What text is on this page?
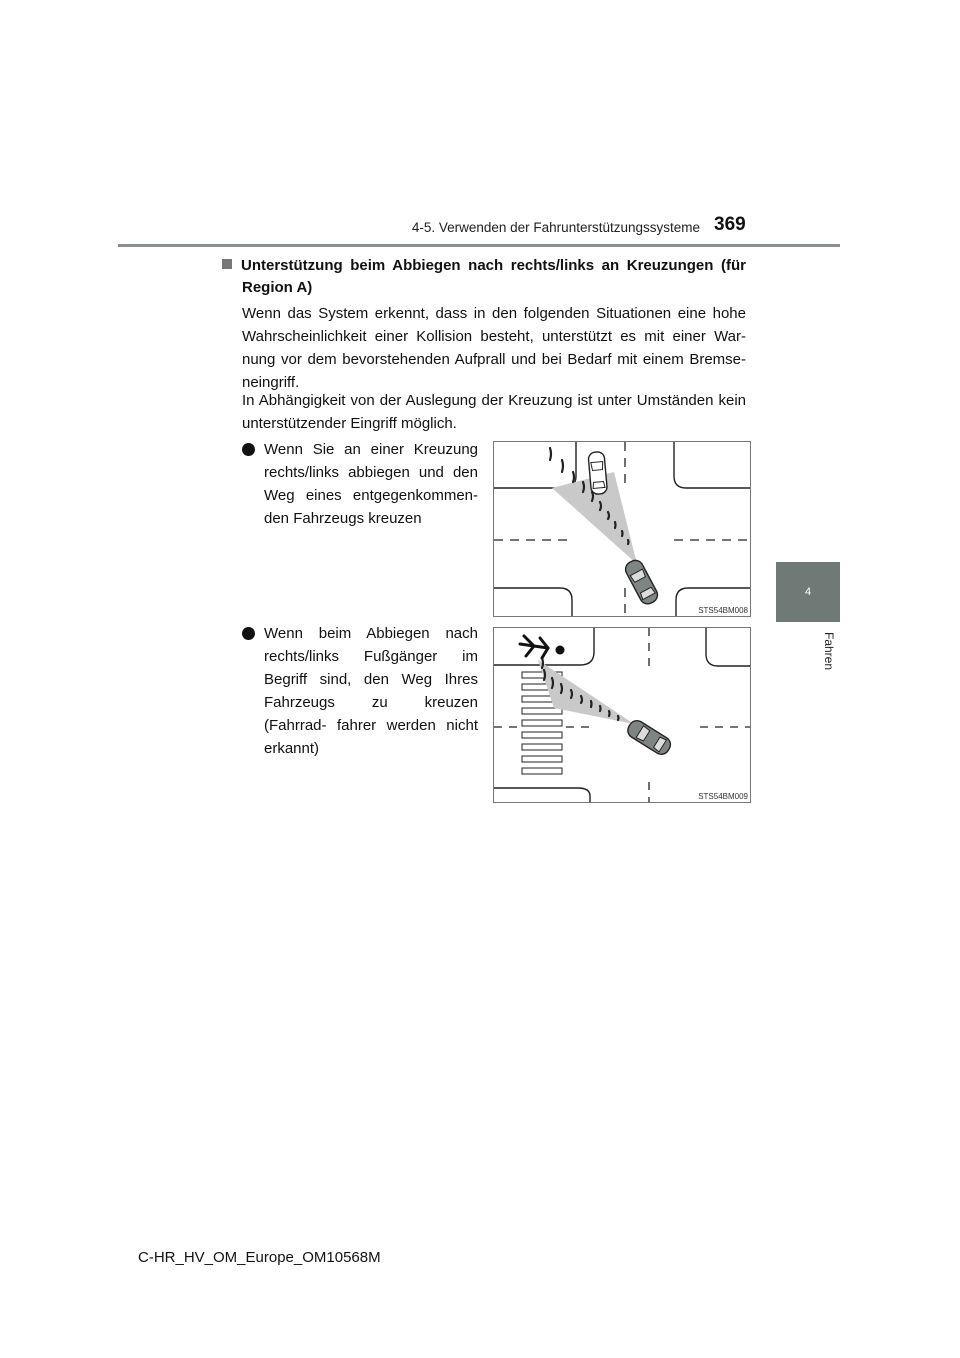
4-5. Verwenden der Fahrunterstützungssysteme 369
4
Fahren
Unterstützung beim Abbiegen nach rechts/links an Kreuzungen (für Region A)
Wenn das System erkennt, dass in den folgenden Situationen eine hohe Wahrscheinlichkeit einer Kollision besteht, unterstützt es mit einer War- nung vor dem bevorstehenden Aufprall und bei Bedarf mit einem Bremse- neingriff.
In Abhängigkeit von der Auslegung der Kreuzung ist unter Umständen kein unterstützender Eingriff möglich.
Wenn Sie an einer Kreuzung rechts/links abbiegen und den Weg eines entgegenkommen- den Fahrzeugs kreuzen
STS54BM008
Wenn beim Abbiegen nach rechts/links Fußgänger im Begriff sind, den Weg Ihres Fahrzeugs zu kreuzen (Fahrrad- fahrer werden nicht erkannt)
STS54BM009
C-HR_HV_OM_Europe_OM10568M
